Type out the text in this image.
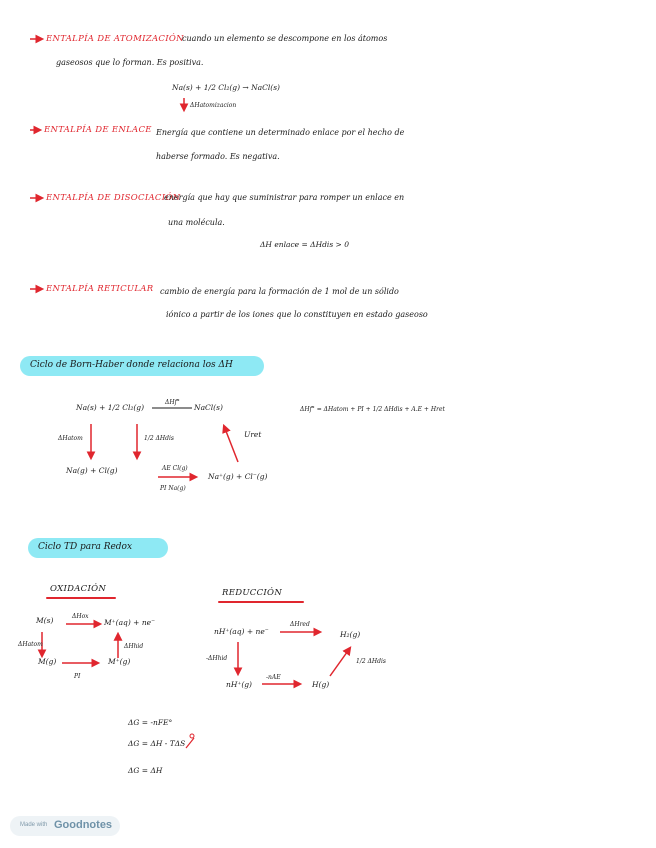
ENTALPÍA DE ATOMIZACIÓN
cuando un elemento se descompone en los átomos
gaseosos que lo forman. Es positiva.
Na(s) + 1/2 Cl₂(g) → NaCl(s)
ΔHatomizacion
ENTALPÍA DE ENLACE Energía que contiene un determinado enlace por el hecho de
haberse formado. Es negativa.
ENTALPÍA DE DISOCIACIÓN
energía que hay que suministrar para romper un enlace en
una molécula.
ΔH enlace = ΔHdis > 0
ENTALPÍA RETICULAR cambio de energía para la formación de 1 mol de un sólido
iónico a partir de los iones que lo constituyen en estado gaseoso
Ciclo de Born-Haber donde relaciona los ΔH
Na(s) + 1/2 Cl₂(g)
ΔHf°
NaCl(s)	ΔHf° = ΔHatom + PI + 1/2 ΔHdis + A.E + Hret
ΔHatom	1/2 ΔHdis	Uret
Na(g) + Cl(g)	AE Cl(g)
PI Na(g)
Na⁺(g) + Cl⁻(g)
Ciclo TD para Redox
OXIDACIÓN
M(s)	ΔHox
M⁺(aq) + ne⁻
ΔHatom	ΔHhid
M(g)	M⁺(g)
PI
REDUCCIÓN
nH⁺(aq) + ne⁻
ΔHred
H₂(g)
-ΔHhid
nH⁺(g)
-nAE
H(g)
1/2 ΔHdis
ΔG = -nFE°
ΔG = ΔH - TΔS
ΔG = ΔH
Made with Goodnotes
